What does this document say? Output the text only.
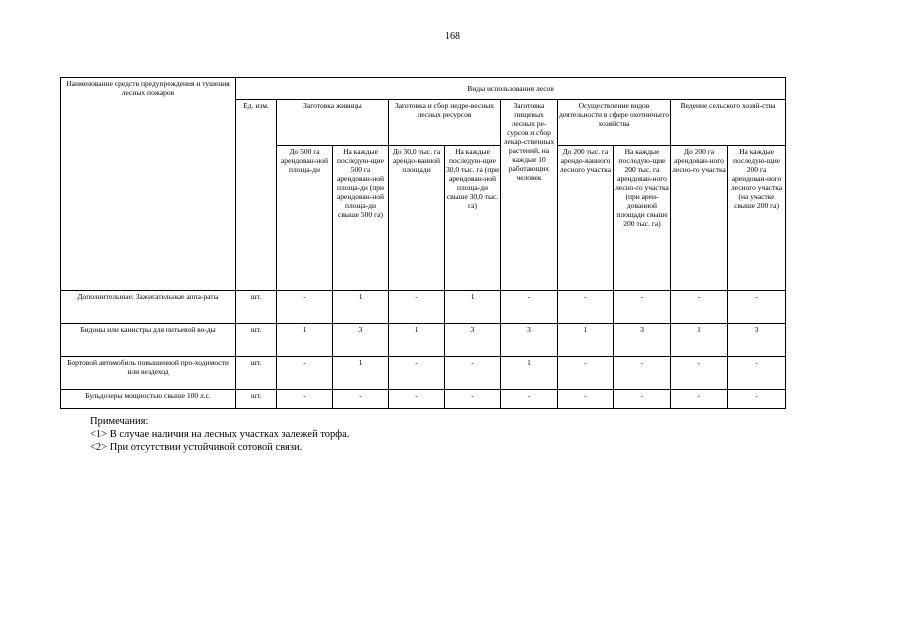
168
Наименование средств предупреждения и тушения лесных пожаров	Виды использования лесов									
	Ед. изм.	Заготовка живицы		Заготовка и сбор недре-весных лесных ресурсов		Заготовка пищевых лесных ре-сурсов и сбор лекар-ственных растений, на каждые 10 работающих человек	Осуществление видов деятельности в сфере охотничьего хозяйства		Ведение сельского хозяй-ства	
		До 500 га арендован-ной площа-ди	На каждые последую-щие 500 га арендован-ной площа-ди (при арендован-ной площа-ди свыше 500 га)	До 30,0 тыс. га арендо-ванной площади	На каждые последую-щие 30,0 тыс. га (при арендован-ной площа-ди свыше 30,0 тыс. га)		До 200 тыс. га арендо-ванного лесного участка	На каждые последую-щие 200 тыс. га арендован-ного лесно-го участка (при арен-дованной площади свыше 200 тыс. га)	До 200 га арендован-ного лесно-го участка	На каждые последую-щие 200 га арендован-ного лесного участка (на участке свыше 200 га)
Дополнительные: Зажигательные аппа-раты	шт.	-	1	-	1	-	-	-	-	-
Бидоны или канистры для питьевой во-ды	шт.	1	3	1	3	3	1	3	1	3
Бортовой автомобиль повышенной про-ходимости или вездеход	шт.	-	1	-	-	1	-	-	-	-
Бульдозеры мощностью свыше 100 л.с.	шт.	-	-	-	-	-	-	-	-	-
Примечания:
<1> В случае наличия на лесных участках залежей торфа.
<2> При отсутствии устойчивой сотовой связи.
